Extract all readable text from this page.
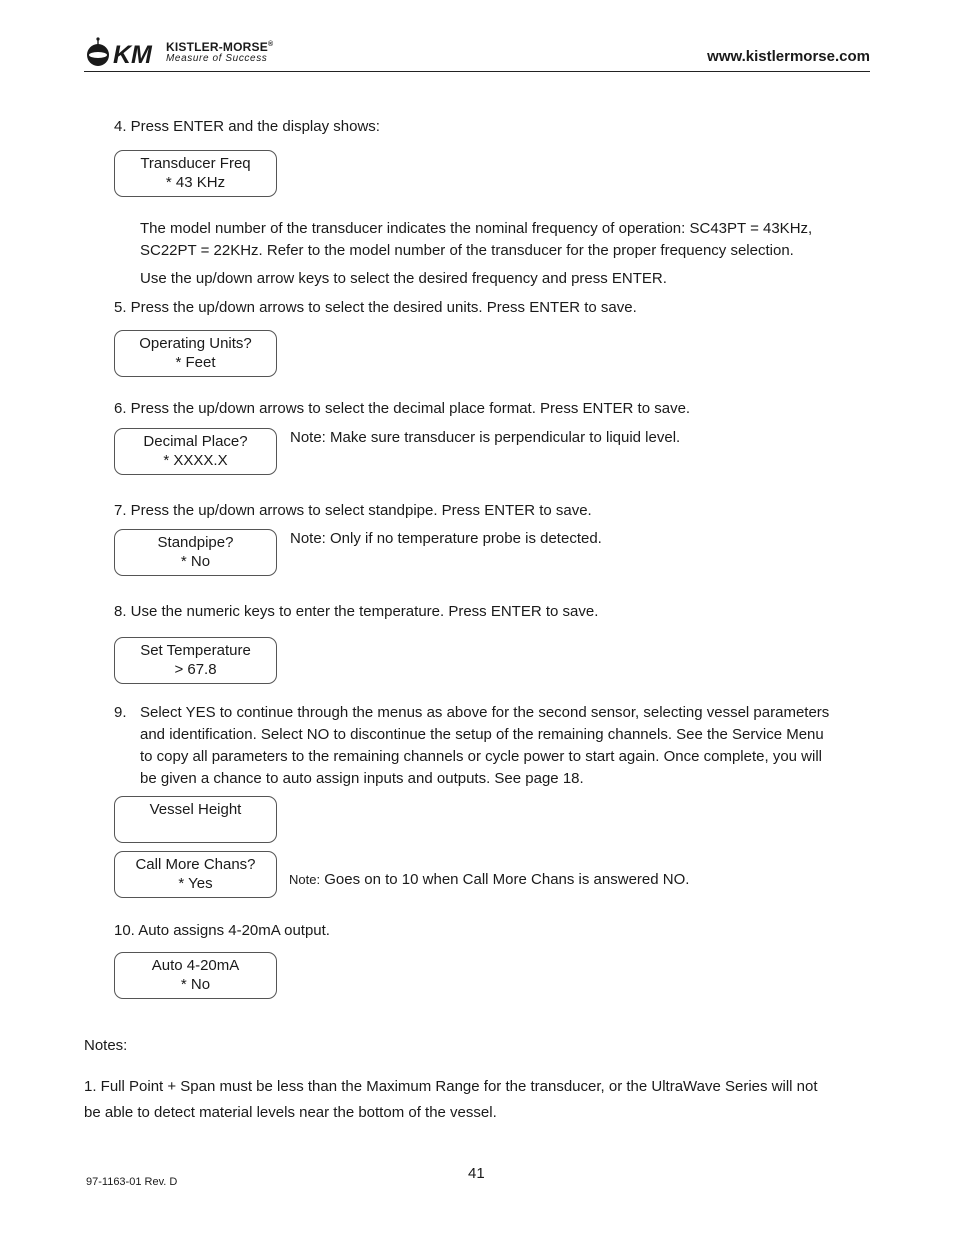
KM KISTLER-MORSE®
Measure of Success	www.kistlermorse.com
4. Press ENTER and the display shows:
Transducer Freq
* 43 KHz
The model number of the transducer indicates the nominal frequency of operation: SC43PT = 43KHz,
SC22PT = 22KHz. Refer to the model number of the transducer for the proper frequency selection.
Use the up/down arrow keys to select the desired frequency and press ENTER.
5. Press the up/down arrows to select the desired units. Press ENTER to save.
Operating Units?
* Feet
6. Press the up/down arrows to select the decimal place format. Press ENTER to save.
Decimal Place?
* XXXX.X
Note: Make sure transducer is perpendicular to liquid level.
7. Press the up/down arrows to select standpipe. Press ENTER to save.
Standpipe?
* No
Note: Only if no temperature probe is detected.
8. Use the numeric keys to enter the temperature. Press ENTER to save.
Set Temperature
> 67.8
9. Select YES to continue through the menus as above for the second sensor, selecting vessel parameters
and identification. Select NO to discontinue the setup of the remaining channels. See the Service Menu
to copy all parameters to the remaining channels or cycle power to start again. Once complete, you will
be given a chance to auto assign inputs and outputs. See page 18.
Vessel Height
Call More Chans?
* Yes	Note: Goes on to 10 when Call More Chans is answered NO.
10. Auto assigns 4-20mA output.
Auto 4-20mA
* No
Notes:
1. Full Point + Span must be less than the Maximum Range for the transducer, or the UltraWave Series will not
be able to detect material levels near the bottom of the vessel.
97-1163-01 Rev. D	41
